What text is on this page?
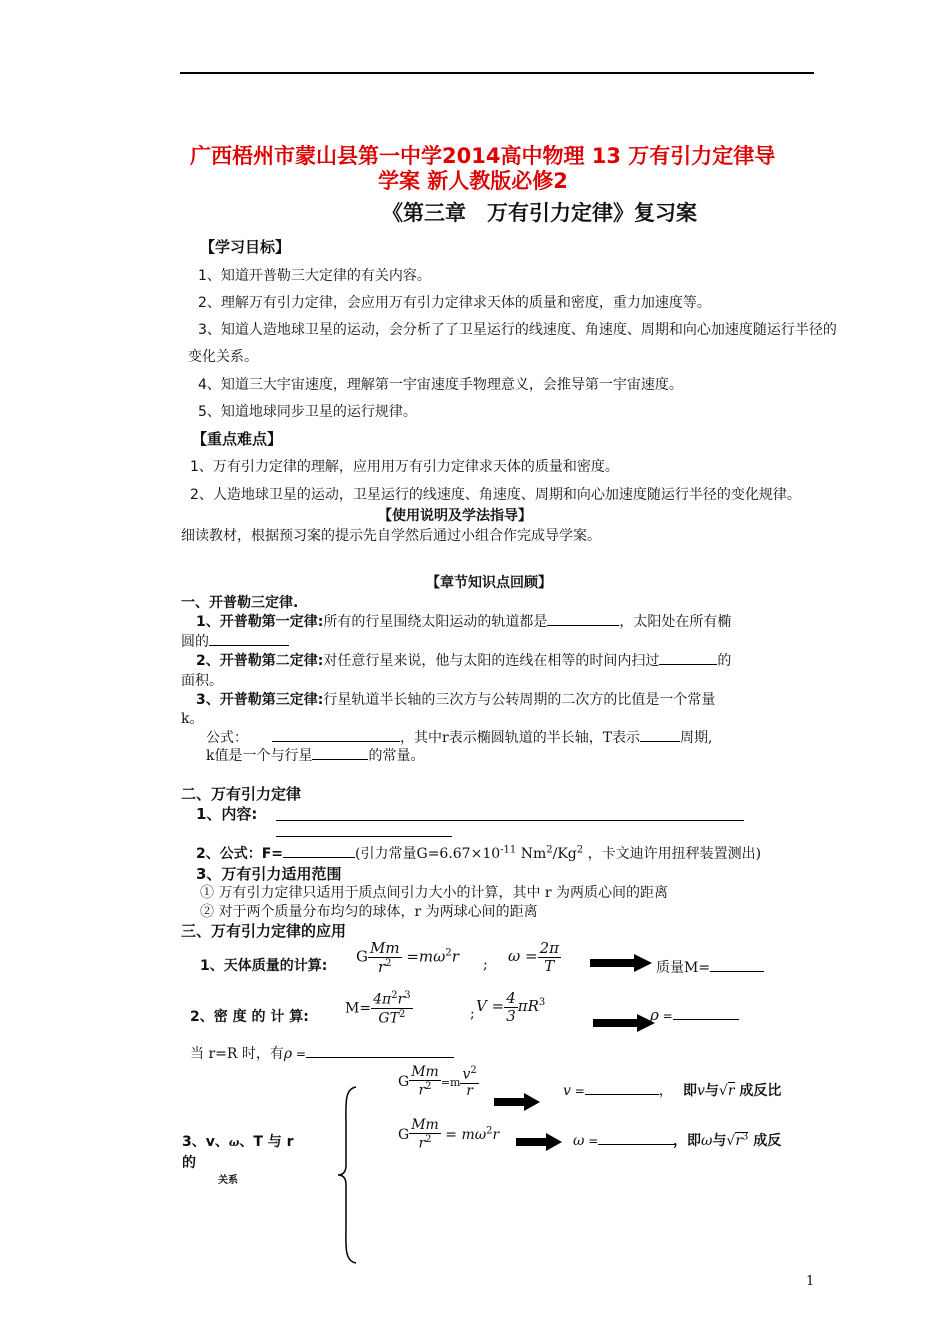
广西梧州市蒙山县第一中学2014高中物理 13 万有引力定律导
学案 新人教版必修2
《第三章　万有引力定律》复习案
【学习目标】
1、知道开普勒三大定律的有关内容。
2、理解万有引力定律，会应用万有引力定律求天体的质量和密度，重力加速度等。
3、知道人造地球卫星的运动，会分析了了卫星运行的线速度、角速度、周期和向心加速度随运行半径的
变化关系。
4、知道三大宇宙速度，理解第一宇宙速度手物理意义，会推导第一宇宙速度。
5、知道地球同步卫星的运行规律。
【重点难点】
1、万有引力定律的理解，应用用万有引力定律求天体的质量和密度。
2、人造地球卫星的运动，卫星运行的线速度、角速度、周期和向心加速度随运行半径的变化规律。
【使用说明及学法指导】
细读教材，根据预习案的提示先自学然后通过小组合作完成导学案。
【章节知识点回顾】
一、开普勒三定律.
1、开普勒第一定律:所有的行星围绕太阳运动的轨道都是	，太阳处在所有椭
圆的
2、开普勒第二定律:对任意行星来说，他与太阳的连线在相等的时间内扫过	的
面积。
3、开普勒第三定律:行星轨道半长轴的三次方与公转周期的二次方的比值是一个常量
k。
公式：	，其中r表示椭圆轨道的半长轴，T表示	周期,
k值是一个与行星	的常量。
二、万有引力定律
1、内容:
2、公式：F=	(引力常量$G=6.67\times 10^{-11}$ Nm$^2$/Kg$^2$ ，卡文迪许用扭秤装置测出)
3、万有引力适用范围
① 万有引力定律只适用于质点间引力大小的计算，其中 r 为两质心间的距离
② 对于两个质量分布均匀的球体，r 为两球心间的距离
三、万有引力定律的应用
1、天体质量的计算:
G $\frac{Mm}{r^2} =m\omega^2r$ ; $\omega = \frac{2\pi}{T}$	质量M=
2、密 度 的 计 算:
$M= \frac{4\pi^2r^3}{GT^2}$	; $V = \frac{4}{3} \pi R^3$
ρ =
当 r=R 时，有ρ =
3、v、ω、T 与 r
的
关系
G $\frac{Mm}{r^2} =m \frac{v^2}{r}$	v =	， 即v与√r 成反比
G $\frac{Mm}{r^2} = m\omega^2r$	ω =	，即ω与$√r^3$ 成反
1
